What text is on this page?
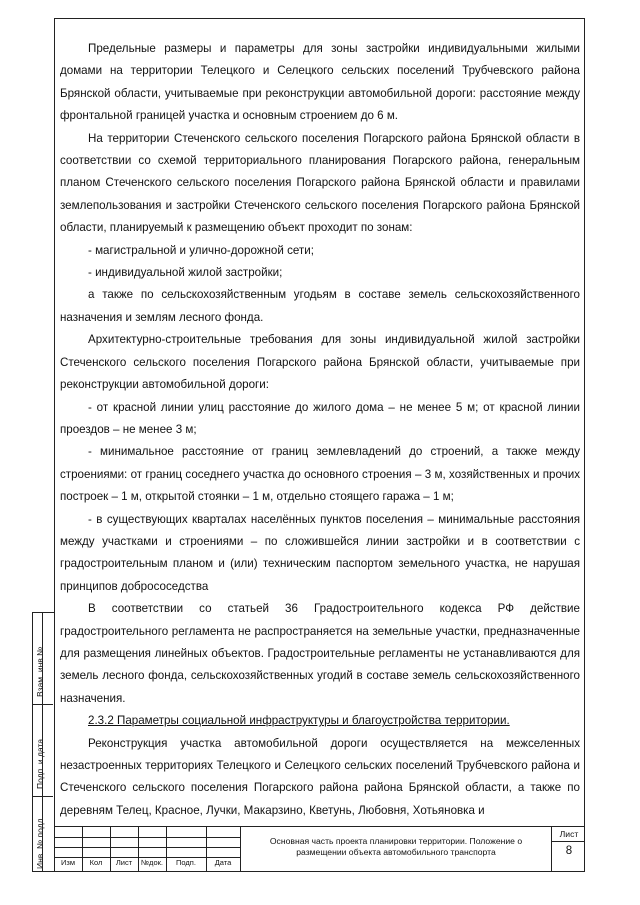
Предельные размеры и параметры для зоны застройки индивидуальными жилыми домами на территории Телецкого и Селецкого сельских поселений Трубчевского района Брянской области, учитываемые при реконструкции автомобильной дороги: расстояние между фронтальной границей участка и основным строением до 6 м.

На территории Стеченского сельского поселения Погарского района Брянской области в соответствии со схемой территориального планирования Погарского района, генеральным планом Стеченского сельского поселения Погарского района Брянской области и правилами землепользования и застройки Стеченского сельского поселения Погарского района Брянской области, планируемый к размещению объект проходит по зонам:

- магистральной и улично-дорожной сети;

- индивидуальной жилой застройки;

а также по сельскохозяйственным угодьям в составе земель сельскохозяйственного назначения и землям лесного фонда.

Архитектурно-строительные требования для зоны индивидуальной жилой застройки Стеченского сельского поселения Погарского района Брянской области, учитываемые при реконструкции автомобильной дороги:

- от красной линии улиц расстояние до жилого дома – не менее 5 м; от красной линии проездов – не менее 3 м;

- минимальное расстояние от границ землевладений до строений, а также между строениями: от границ соседнего участка до основного строения – 3 м, хозяйственных и прочих построек – 1 м, открытой стоянки – 1 м, отдельно стоящего гаража – 1 м;

- в существующих кварталах населённых пунктов поселения – минимальные расстояния между участками и строениями – по сложившейся линии застройки и в соответствии с градостроительным планом и (или) техническим паспортом земельного участка, не нарушая принципов добрососедства

В соответствии со статьей 36 Градостроительного кодекса РФ действие градостроительного регламента не распространяется на земельные участки, предназначенные для размещения линейных объектов. Градостроительные регламенты не устанавливаются для земель лесного фонда, сельскохозяйственных угодий в составе земель сельскохозяйственного назначения.

2.3.2 Параметры социальной инфраструктуры и благоустройства территории.

Реконструкция участка автомобильной дороги осуществляется на межселенных незастроенных территориях Телецкого и Селецкого сельских поселений Трубчевского района и Стеченского сельского поселения Погарского района района Брянской области, а также по деревням Телец, Красное, Лучки, Макарзино, Кветунь, Любовня, Хотьяновка и

Взам. инв.№
Подп. и дата
Инв. № подл.	Изм	Кол	Лист	№док.	Подп.	Дата
Основная часть проекта планировки территории. Положение о размещении объекта автомобильного транспорта
Лист
8
